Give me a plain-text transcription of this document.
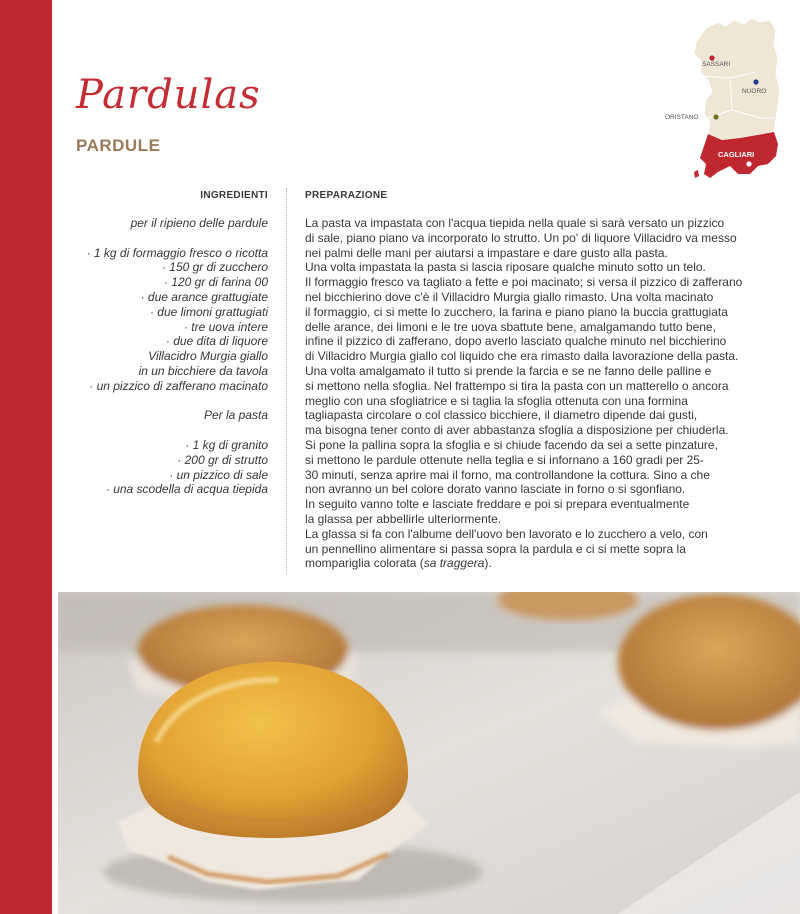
Pardulas
PARDULE
SASSARI
NUORO
ORISTANO
CAGLIARI
INGREDIENTI
per il ripieno delle pardule
· 1 kg di formaggio fresco o ricotta
· 150 gr di zucchero
· 120 gr di farina 00
· due arance grattugiate
· due limoni grattugiati
· tre uova intere
· due dita di liquore
Villacidro Murgia giallo
in un bicchiere da tavola
· un pizzico di zafferano macinato
Per la pasta
· 1 kg di granito
· 200 gr di strutto
· un pizzico di sale
· una scodella di acqua tiepida
PREPARAZIONE
La pasta va impastata con l'acqua tiepida nella quale si sarà versato un pizzico
di sale, piano piano va incorporato lo strutto. Un po' di liquore Villacidro va messo
nei palmi delle mani per aiutarsi a impastare e dare gusto alla pasta.
Una volta impastata la pasta si lascia riposare qualche minuto sotto un telo.
Il formaggio fresco va tagliato a fette e poi macinato; si versa il pizzico di zafferano
nel bicchierino dove c'è il Villacidro Murgia giallo rimasto. Una volta macinato
il formaggio, ci si mette lo zucchero, la farina e piano piano la buccia grattugiata
delle arance, dei limoni e le tre uova sbattute bene, amalgamando tutto bene,
infine il pizzico di zafferano, dopo averlo lasciato qualche minuto nel bicchierino
di Villacidro Murgia giallo col liquido che era rimasto dalla lavorazione della pasta.
Una volta amalgamato il tutto si prende la farcia e se ne fanno delle palline e
si mettono nella sfoglia. Nel frattempo si tira la pasta con un matterello o ancora
meglio con una sfogliatrice e si taglia la sfoglia ottenuta con una formina
tagliapasta circolare o col classico bicchiere, il diametro dipende dai gusti,
ma bisogna tener conto di aver abbastanza sfoglia a disposizione per chiuderla.
Si pone la pallina sopra la sfoglia e si chiude facendo da sei a sette pinzature,
si mettono le pardule ottenute nella teglia e si infornano a 160 gradi per 25-
30 minuti, senza aprire mai il forno, ma controllandone la cottura. Sino a che
non avranno un bel colore dorato vanno lasciate in forno o si sgonfiano.
In seguito vanno tolte e lasciate freddare e poi si prepara eventualmente
la glassa per abbellirle ulteriormente.
La glassa si fa con l'albume dell'uovo ben lavorato e lo zucchero a velo, con
un pennellino alimentare si passa sopra la pardula e ci si mette sopra la
mompariglia colorata (sa traggera).
